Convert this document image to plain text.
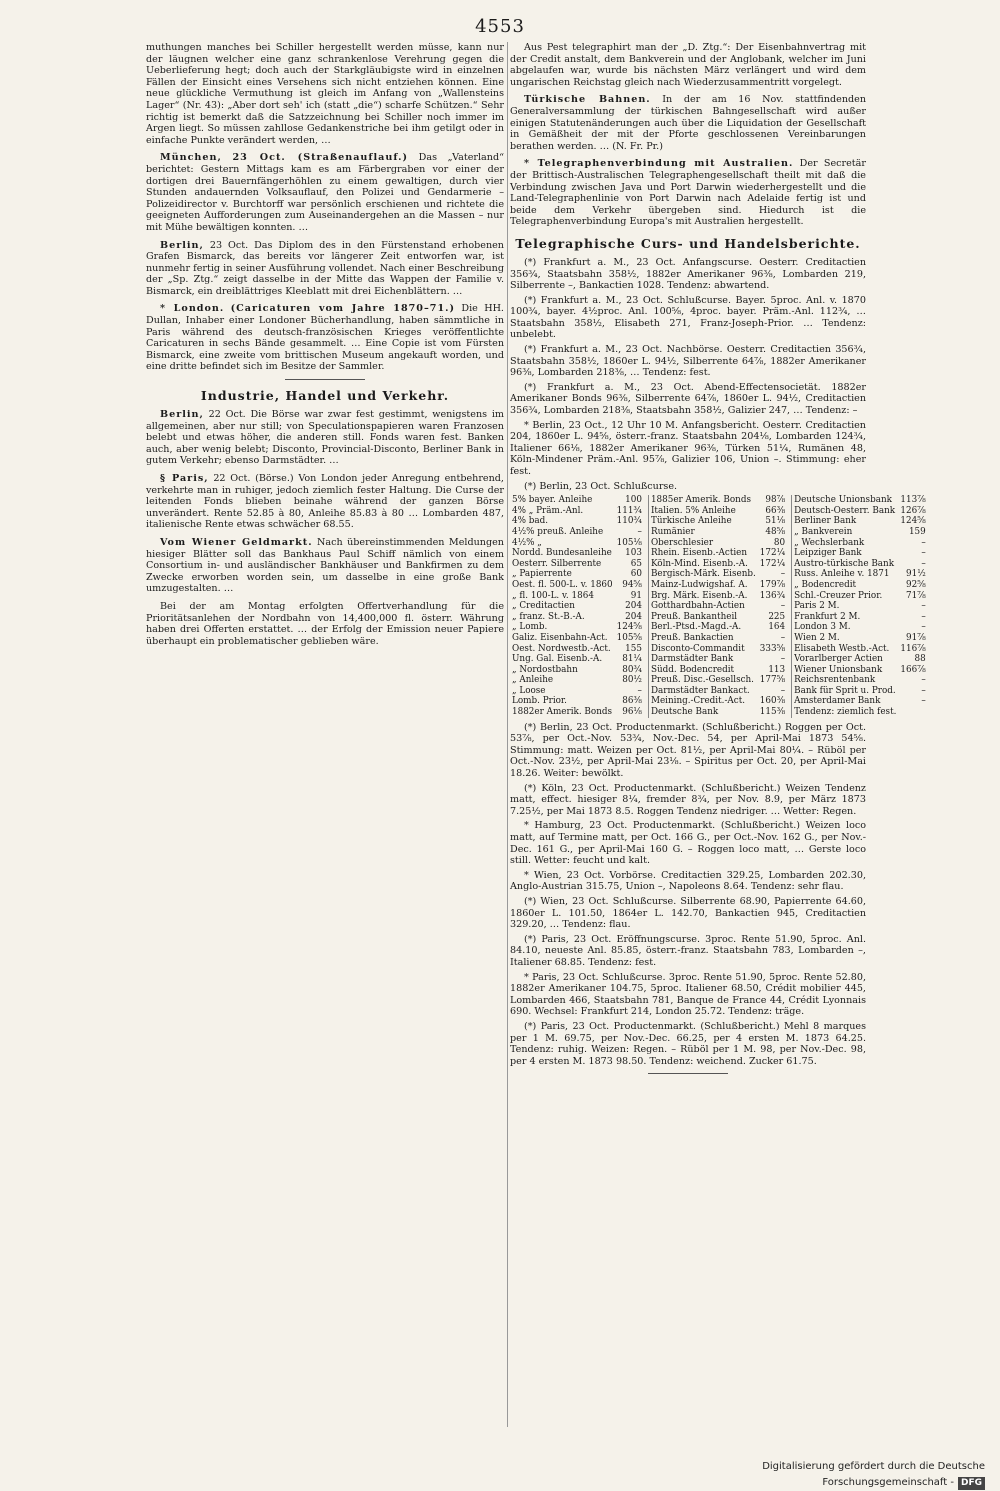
4553

muthungen manches bei Schiller hergestellt werden müsse, kann nur der läugnen welcher eine ganz schrankenlose Verehrung gegen die Ueberlieferung hegt; doch auch der Starkgläubigste wird in einzelnen Fällen der Einsicht eines Versehens sich nicht entziehen können. Eine neue glückliche Vermuthung ist gleich im Anfang von „Wallensteins Lager“ (Nr. 43): „Aber dort seh' ich (statt „die“) scharfe Schützen.“ Sehr richtig ist bemerkt daß die Satzzeichnung bei Schiller noch immer im Argen liegt. So müssen zahllose Gedankenstriche bei ihm getilgt oder in einfache Punkte verändert werden, …

München, 23 Oct. (Straßenauflauf.) Das „Vaterland“ berichtet: Gestern Mittags kam es am Färbergraben vor einer der dortigen drei Bauernfängerhöhlen zu einem gewaltigen, durch vier Stunden andauernden Volksauflauf, den Polizei und Gendarmerie – Polizeidirector v. Burchtorff war persönlich erschienen und richtete die geeigneten Aufforderungen zum Auseinandergehen an die Massen – nur mit Mühe bewältigen konnten. …

Berlin, 23 Oct. Das Diplom des in den Fürstenstand erhobenen Grafen Bismarck, das bereits vor längerer Zeit entworfen war, ist nunmehr fertig in seiner Ausführung vollendet. Nach einer Beschreibung der „Sp. Ztg.“ zeigt dasselbe in der Mitte das Wappen der Familie v. Bismarck, ein dreiblättriges Kleeblatt mit drei Eichenblättern. …

* London. (Caricaturen vom Jahre 1870–71.) Die HH. Dullan, Inhaber einer Londoner Bücherhandlung, haben sämmtliche in Paris während des deutsch-französischen Krieges veröffentlichte Caricaturen in sechs Bände gesammelt. … Eine Copie ist vom Fürsten Bismarck, eine zweite vom brittischen Museum angekauft worden, und eine dritte befindet sich im Besitze der Sammler.

Industrie, Handel und Verkehr.

Berlin, 22 Oct. Die Börse war zwar fest gestimmt, wenigstens im allgemeinen, aber nur still; von Speculationspapieren waren Franzosen belebt und etwas höher, die anderen still. Fonds waren fest. Banken auch, aber wenig belebt; Disconto, Provincial-Disconto, Berliner Bank in gutem Verkehr; ebenso Darmstädter. …

§ Paris, 22 Oct. (Börse.) Von London jeder Anregung entbehrend, verkehrte man in ruhiger, jedoch ziemlich fester Haltung. Die Curse der leitenden Fonds blieben beinahe während der ganzen Börse unverändert. Rente 52.85 à 80, Anleihe 85.83 à 80 … Lombarden 487, italienische Rente etwas schwächer 68.55.

Vom Wiener Geldmarkt. Nach übereinstimmenden Meldungen hiesiger Blätter soll das Bankhaus Paul Schiff nämlich von einem Consortium in- und ausländischer Bankhäuser und Bankfirmen zu dem Zwecke erworben worden sein, um dasselbe in eine große Bank umzugestalten. …

Bei der am Montag erfolgten Offertverhandlung für die Prioritätsanlehen der Nordbahn von 14,400,000 fl. österr. Währung haben drei Offerten erstattet. … der Erfolg der Emission neuer Papiere überhaupt ein problematischer geblieben wäre.

Aus Pest telegraphirt man der „D. Ztg.“: Der Eisenbahnvertrag mit der Credit anstalt, dem Bankverein und der Anglobank, welcher im Juni abgelaufen war, wurde bis nächsten März verlängert und wird dem ungarischen Reichstag gleich nach Wiederzusammentritt vorgelegt.

Türkische Bahnen. In der am 16 Nov. stattfindenden Generalversammlung der türkischen Bahngesellschaft wird außer einigen Statutenänderungen auch über die Liquidation der Gesellschaft in Gemäßheit der mit der Pforte geschlossenen Vereinbarungen berathen werden. … (N. Fr. Pr.)

* Telegraphenverbindung mit Australien. Der Secretär der Brittisch-Australischen Telegraphengesellschaft theilt mit daß die Verbindung zwischen Java und Port Darwin wiederhergestellt und die Land-Telegraphenlinie von Port Darwin nach Adelaide fertig ist und beide dem Verkehr übergeben sind. Hiedurch ist die Telegraphenverbindung Europa's mit Australien hergestellt.

Telegraphische Curs- und Handelsberichte.

(*) Frankfurt a. M., 23 Oct. Anfangscurse. Oesterr. Creditactien 356¾, Staatsbahn 358½, 1882er Amerikaner 96⅜, Lombarden 219, Silberrente –, Bankactien 1028. Tendenz: abwartend.

(*) Frankfurt a. M., 23 Oct. Schlußcurse. Bayer. 5proc. Anl. v. 1870 100¾, bayer. 4½proc. Anl. 100⅝, 4proc. bayer. Präm.-Anl. 112¾, … Staatsbahn 358½, Elisabeth 271, Franz-Joseph-Prior. … Tendenz: unbelebt.

(*) Frankfurt a. M., 23 Oct. Nachbörse. Oesterr. Creditactien 356¾, Staatsbahn 358½, 1860er L. 94½, Silberrente 64⅞, 1882er Amerikaner 96⅜, Lombarden 218⅜, … Tendenz: fest.

(*) Frankfurt a. M., 23 Oct. Abend-Effectensocietät. 1882er Amerikaner Bonds 96⅜, Silberrente 64⅞, 1860er L. 94½, Creditactien 356¾, Lombarden 218⅜, Staatsbahn 358½, Galizier 247, … Tendenz: –

* Berlin, 23 Oct., 12 Uhr 10 M. Anfangsbericht. Oesterr. Creditactien 204, 1860er L. 94⅝, österr.-franz. Staatsbahn 204⅛, Lombarden 124¾, Italiener 66⅛, 1882er Amerikaner 96⅜, Türken 51¼, Rumänen 48, Köln-Mindener Präm.-Anl. 95⅞, Galizier 106, Union –. Stimmung: eher fest.

(*) Berlin, 23 Oct. Schlußcurse.

5% bayer. Anleihe	100	1885er Amerik. Bonds	98⅞	Deutsche Unionsbank	113⅞
4% „ Präm.-Anl.	111¾	Italien. 5% Anleihe	66⅜	Deutsch-Oesterr. Bank	126⅞
4% bad.	110¾	Türkische Anleihe	51⅛	Berliner Bank	124⅝
4½% preuß. Anleihe	–	Rumänier	48⅝	„ Bankverein	159
4½% „	105⅛	Oberschlesier	80	„ Wechslerbank	–
Nordd. Bundesanleihe	103	Rhein. Eisenb.-Actien	172¼	Leipziger Bank	–
Oesterr. Silberrente	65	Köln-Mind. Eisenb.-A.	172¼	Austro-türkische Bank	–
„ Papierrente	60	Bergisch-Märk. Eisenb.	–	Russ. Anleihe v. 1871	91½
Oest. fl. 500-L. v. 1860	94⅝	Mainz-Ludwigshaf. A.	179⅞	„ Bodencredit	92⅝
„ fl. 100-L. v. 1864	91	Brg. Märk. Eisenb.-A.	136¾	Schl.-Creuzer Prior.	71⅞
„ Creditactien	204	Gotthardbahn-Actien	–	Paris 2 M.	–
„ franz. St.-B.-A.	204	Preuß. Bankantheil	225	Frankfurt 2 M.	–
„ Lomb.	124⅝	Berl.-Ptsd.-Magd.-A.	164	London 3 M.	–
Galiz. Eisenbahn-Act.	105⅝	Preuß. Bankactien	–	Wien 2 M.	91⅞
Oest. Nordwestb.-Act.	155	Disconto-Commandit	333⅝	Elisabeth Westb.-Act.	116⅞
Ung. Gal. Eisenb.-A.	81¼	Darmstädter Bank	–	Vorarlberger Actien	88
„ Nordostbahn	80¾	Südd. Bodencredit	113	Wiener Unionsbank	166⅞
„ Anleihe	80½	Preuß. Disc.-Gesellsch.	177⅝	Reichsrentenbank	–
„ Loose	–	Darmstädter Bankact.	–	Bank für Sprit u. Prod.	–
Lomb. Prior.	86⅜	Meining.-Credit.-Act.	160⅜	Amsterdamer Bank	–
1882er Amerik. Bonds	96⅛	Deutsche Bank	115⅜	Tendenz: ziemlich fest.	

(*) Berlin, 23 Oct. Productenmarkt. (Schlußbericht.) Roggen per Oct. 53⅞, per Oct.-Nov. 53¾, Nov.-Dec. 54, per April-Mai 1873 54⅝. Stimmung: matt. Weizen per Oct. 81½, per April-Mai 80¼. – Rüböl per Oct.-Nov. 23½, per April-Mai 23⅛. – Spiritus per Oct. 20, per April-Mai 18.26. Weiter: bewölkt.

(*) Köln, 23 Oct. Productenmarkt. (Schlußbericht.) Weizen Tendenz matt, effect. hiesiger 8¼, fremder 8¾, per Nov. 8.9, per März 1873 7.25½, per Mai 1873 8.5. Roggen Tendenz niedriger. … Wetter: Regen.

* Hamburg, 23 Oct. Productenmarkt. (Schlußbericht.) Weizen loco matt, auf Termine matt, per Oct. 166 G., per Oct.-Nov. 162 G., per Nov.-Dec. 161 G., per April-Mai 160 G. – Roggen loco matt, … Gerste loco still. Wetter: feucht und kalt.

* Wien, 23 Oct. Vorbörse. Creditactien 329.25, Lombarden 202.30, Anglo-Austrian 315.75, Union –, Napoleons 8.64. Tendenz: sehr flau.

(*) Wien, 23 Oct. Schlußcurse. Silberrente 68.90, Papierrente 64.60, 1860er L. 101.50, 1864er L. 142.70, Bankactien 945, Creditactien 329.20, … Tendenz: flau.

(*) Paris, 23 Oct. Eröffnungscurse. 3proc. Rente 51.90, 5proc. Anl. 84.10, neueste Anl. 85.85, österr.-franz. Staatsbahn 783, Lombarden –, Italiener 68.85. Tendenz: fest.

* Paris, 23 Oct. Schlußcurse. 3proc. Rente 51.90, 5proc. Rente 52.80, 1882er Amerikaner 104.75, 5proc. Italiener 68.50, Crédit mobilier 445, Lombarden 466, Staatsbahn 781, Banque de France 44, Crédit Lyonnais 690. Wechsel: Frankfurt 214, London 25.72. Tendenz: träge.

(*) Paris, 23 Oct. Productenmarkt. (Schlußbericht.) Mehl 8 marques per 1 M. 69.75, per Nov.-Dec. 66.25, per 4 ersten M. 1873 64.25. Tendenz: ruhig. Weizen: Regen. – Rüböl per 1 M. 98, per Nov.-Dec. 98, per 4 ersten M. 1873 98.50. Tendenz: weichend. Zucker 61.75.

Digitalisierung gefördert durch die Deutsche Forschungsgemeinschaft - DFG
